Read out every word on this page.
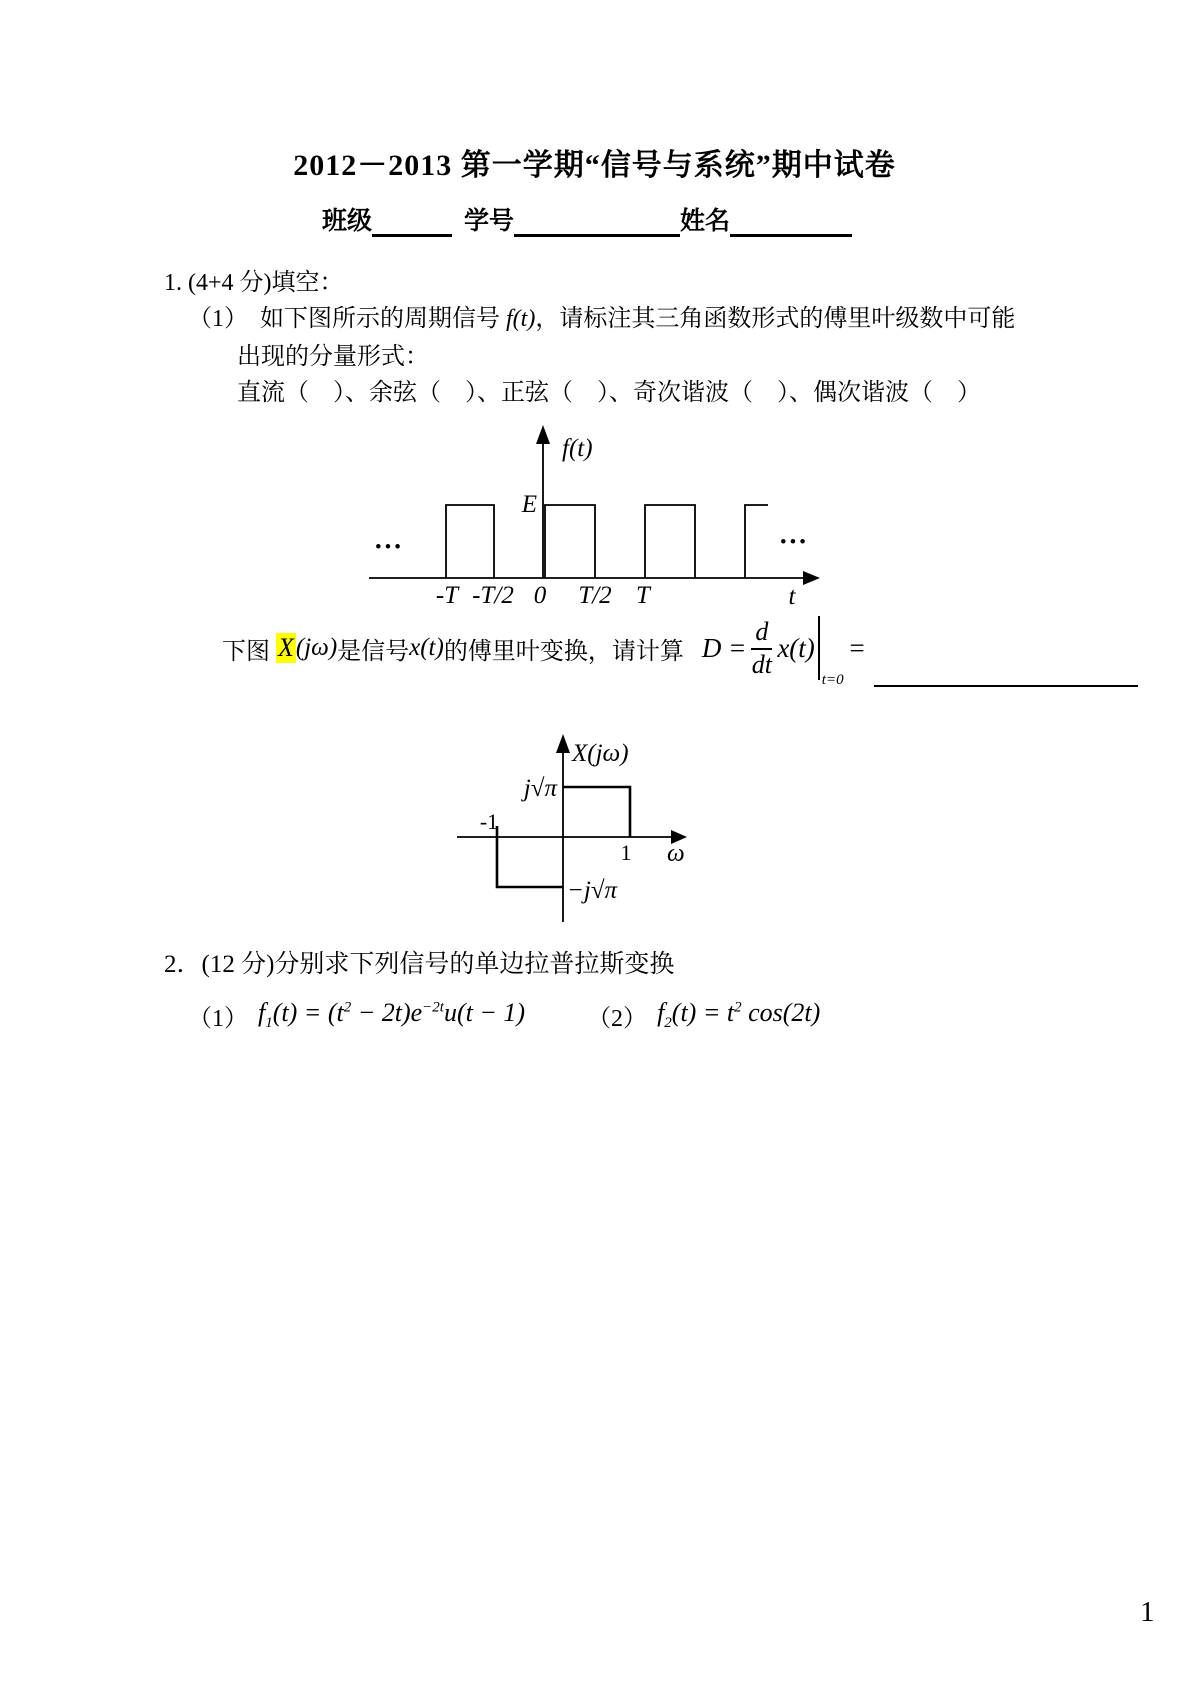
2012－2013 第一学期“信号与系统”期中试卷
班级	学号	姓名
1. (4+4 分)填空：
（1） 如下图所示的周期信号 f(t)，请标注其三角函数形式的傅里叶级数中可能
出现的分量形式：
直流（　）、余弦（　）、正弦（　）、奇次谐波（　）、偶次谐波（　）
f(t)
E
•••	•••
-T -T/2 0 T/2 T	t
下图 X (jω) 是信号 x(t) 的傅里叶变换，请计算 $D = \frac{d}{dt} x(t)$
t=0
=
X(jω)
j√π
−j√π
-1
1 ω
2．(12 分)分别求下列信号的单边拉普拉斯变换
（1） $f_1(t) = (t^2 - 2t)e^{-2t}u(t - 1)$	（2） $f_2(t) = t^2$ cos(2t)
1
